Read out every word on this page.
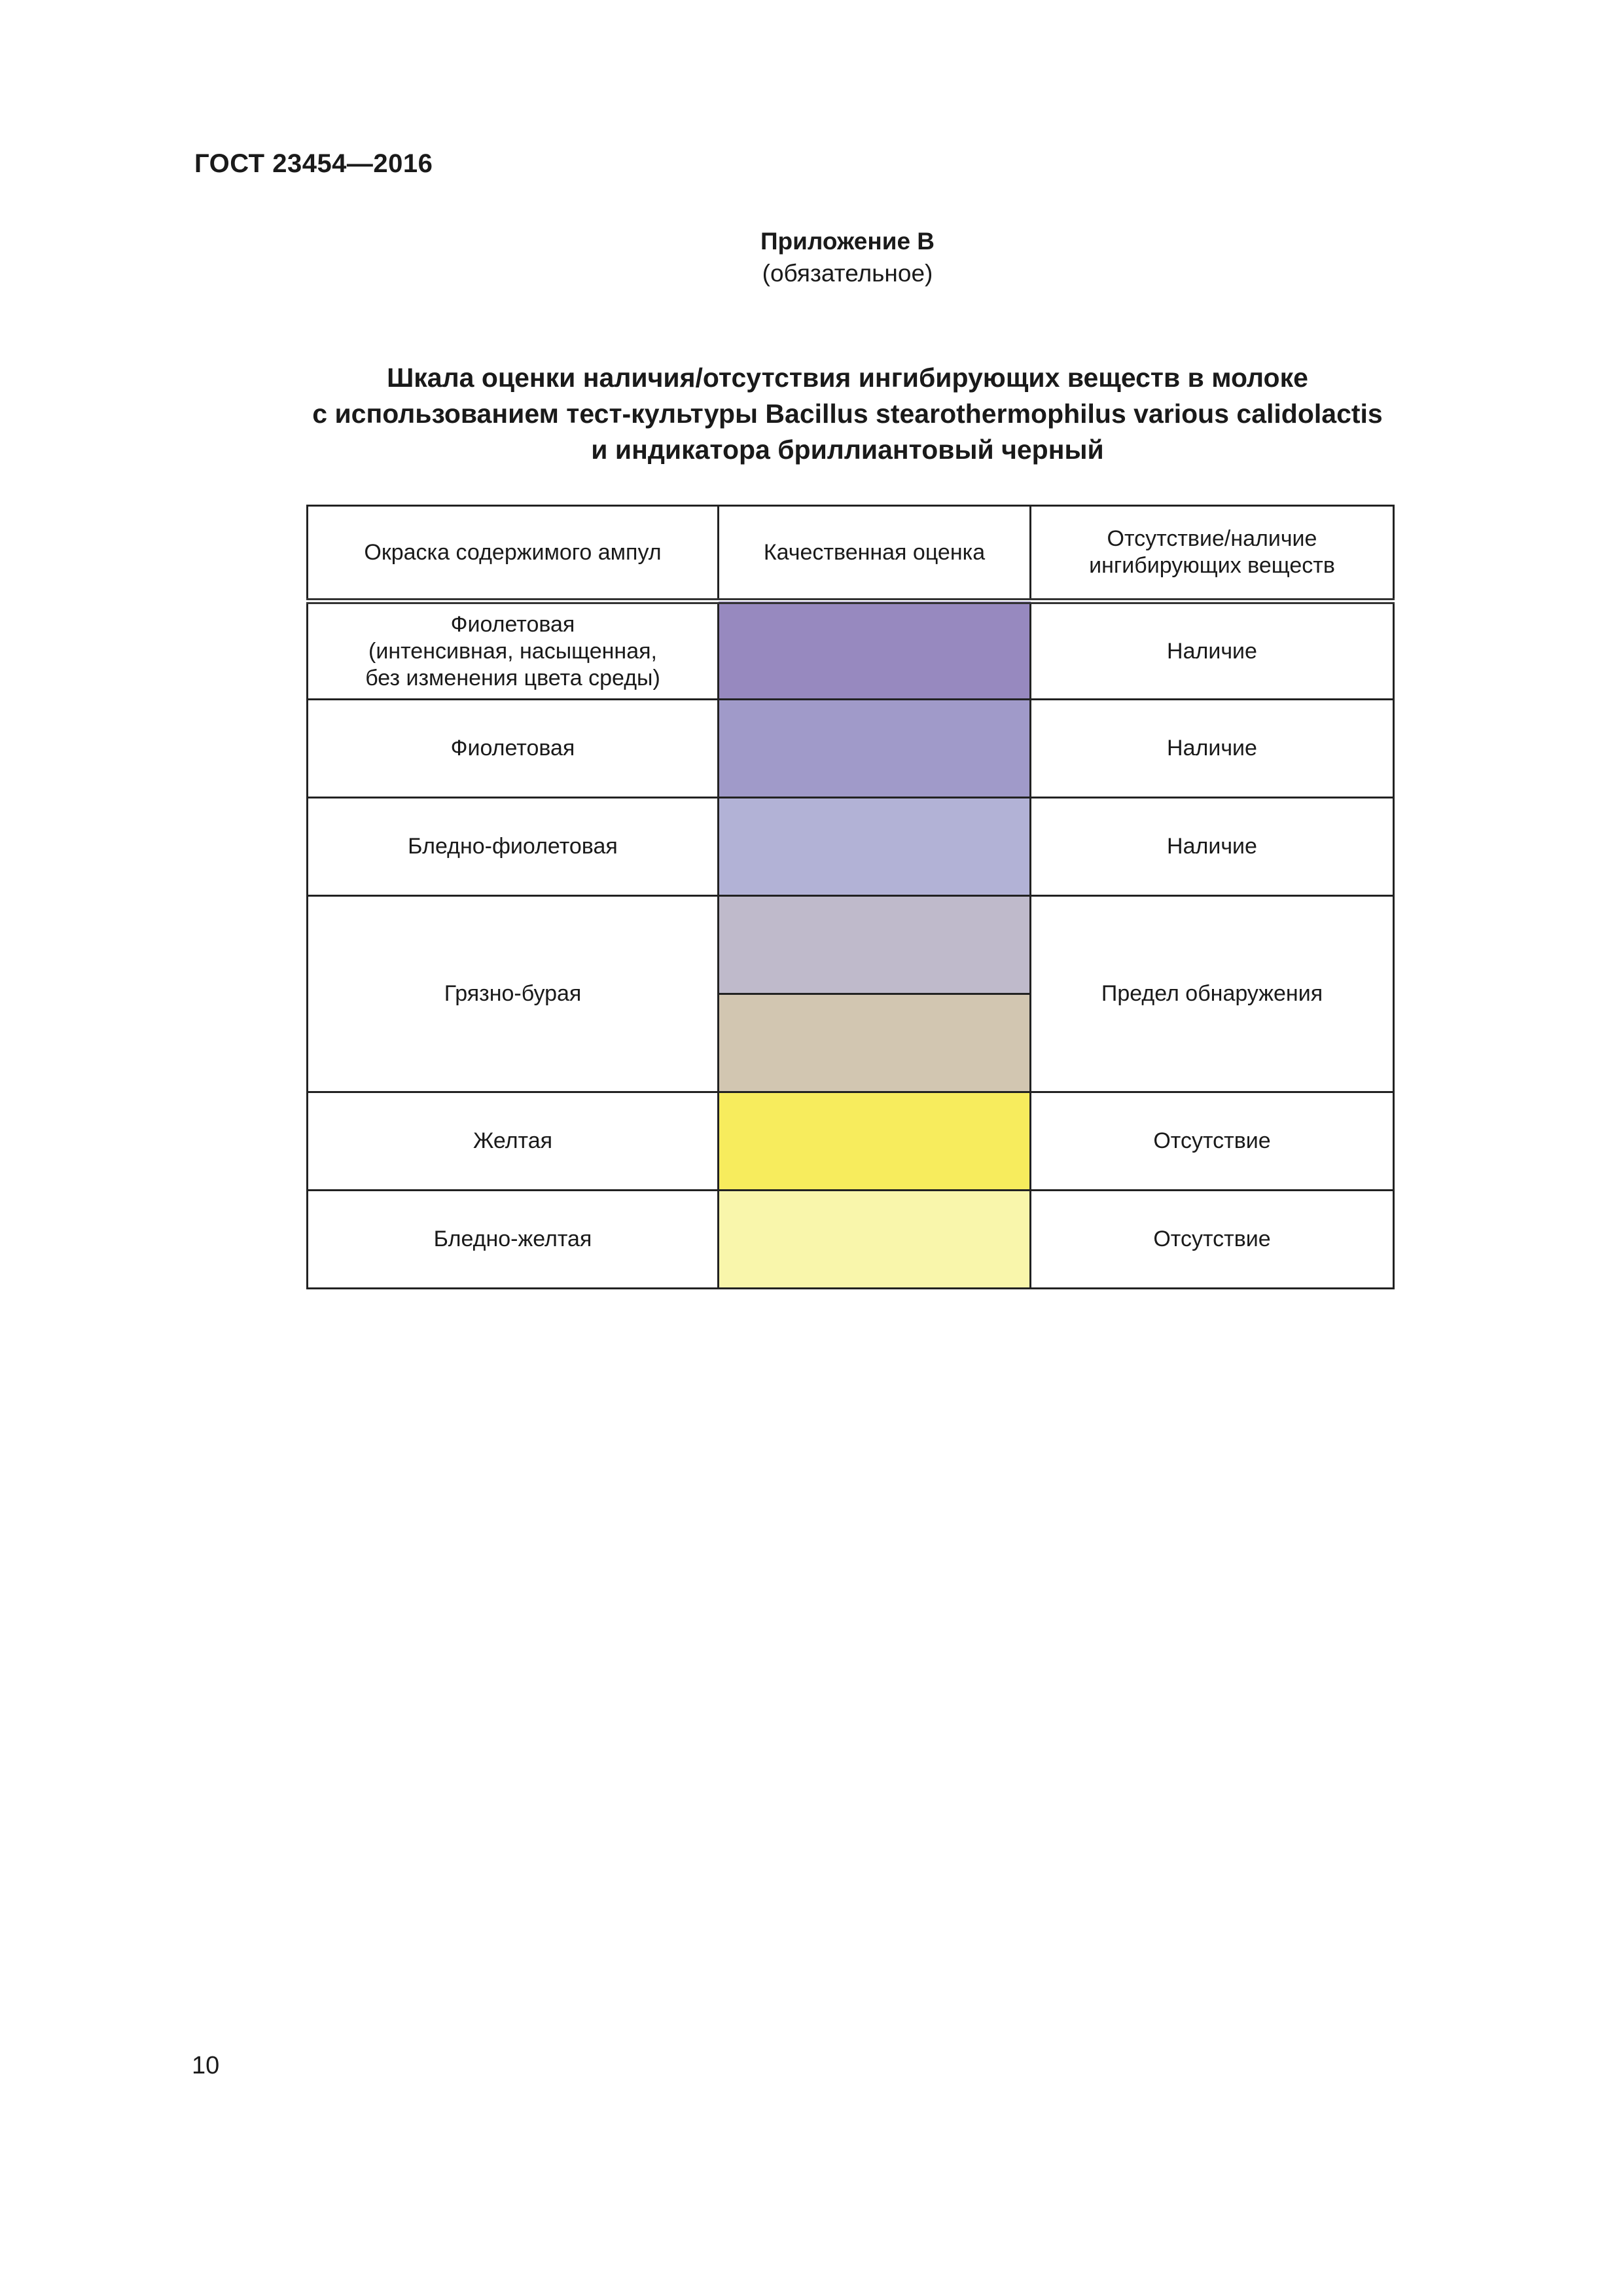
ГОСТ 23454—2016
Приложение В
(обязательное)
Шкала оценки наличия/отсутствия ингибирующих веществ в молоке
с использованием тест-культуры Bacillus stearothermophilus various calidolactis
и индикатора бриллиантовый черный
Окраска содержимого ампул	Качественная оценка	Отсутствие/наличие ингибирующих веществ

Фиолетовая
(интенсивная, насыщенная,
без изменения цвета среды)		Наличие
Фиолетовая		Наличие
Бледно-фиолетовая		Наличие
Грязно-бурая		Предел обнаружения

Желтая		Отсутствие
Бледно-желтая		Отсутствие
10
